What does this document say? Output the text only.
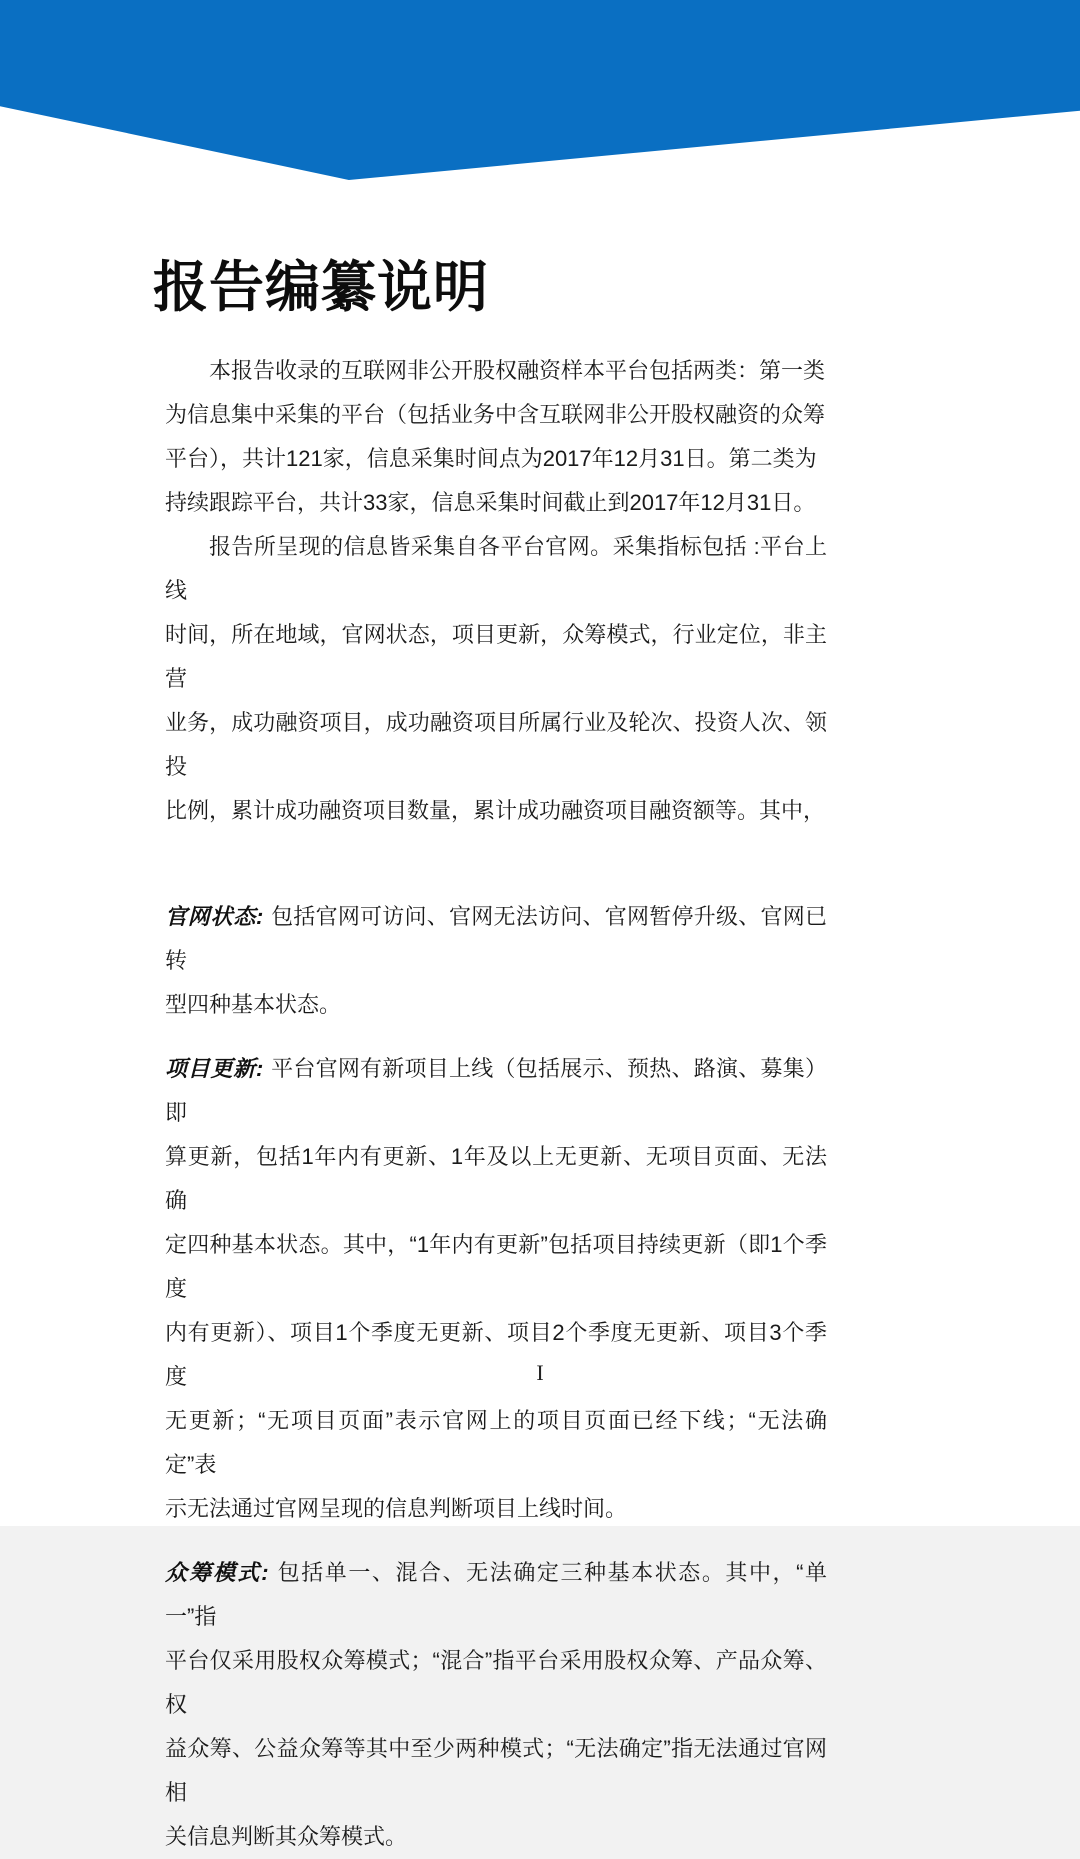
报告编纂说明

本报告收录的互联网非公开股权融资样本平台包括两类：第一类
为信息集中采集的平台（包括业务中含互联网非公开股权融资的众筹
平台），共计121家，信息采集时间点为2017年12月31日。第二类为
持续跟踪平台，共计33家，信息采集时间截止到2017年12月31日。

报告所呈现的信息皆采集自各平台官网。采集指标包括 :平台上线
时间，所在地域，官网状态，项目更新，众筹模式，行业定位，非主营
业务，成功融资项目，成功融资项目所属行业及轮次、投资人次、领投
比例，累计成功融资项目数量，累计成功融资项目融资额等。其中，

官网状态: 包括官网可访问、官网无法访问、官网暂停升级、官网已转
型四种基本状态。

项目更新: 平台官网有新项目上线（包括展示、预热、路演、募集）即
算更新，包括1年内有更新、1年及以上无更新、无项目页面、无法确
定四种基本状态。其中，“1年内有更新”包括项目持续更新（即1个季度
内有更新）、项目1个季度无更新、项目2个季度无更新、项目3个季度
无更新；“无项目页面”表示官网上的项目页面已经下线；“无法确定”表
示无法通过官网呈现的信息判断项目上线时间。

众筹模式: 包括单一、混合、无法确定三种基本状态。其中，“单一”指
平台仅采用股权众筹模式；“混合”指平台采用股权众筹、产品众筹、权
益众筹、公益众筹等其中至少两种模式；“无法确定”指无法通过官网相
关信息判断其众筹模式。

I
